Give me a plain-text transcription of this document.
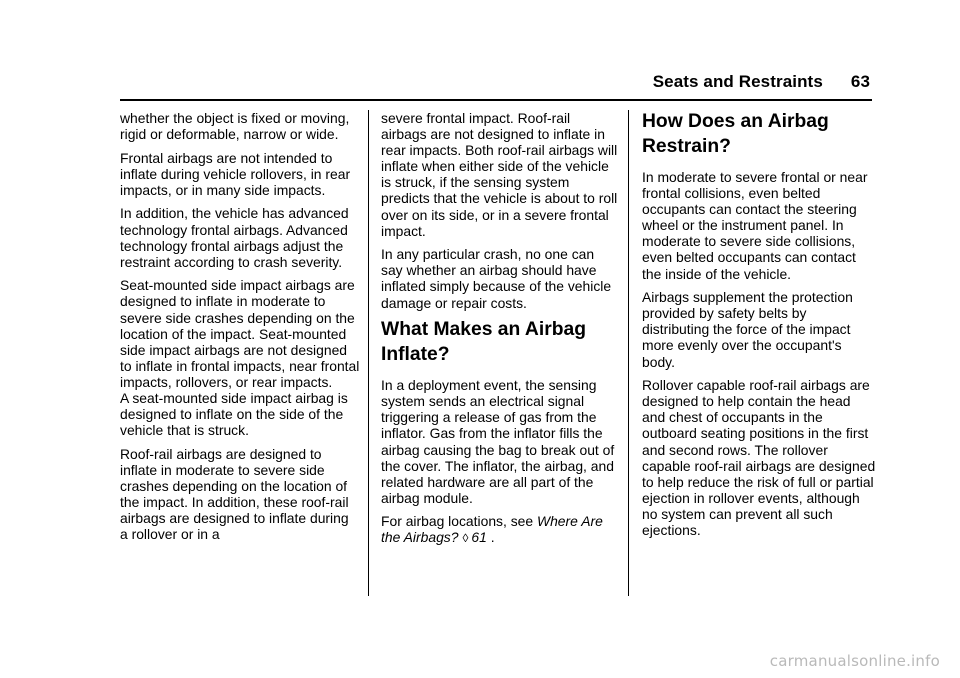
Seats and Restraints 63

whether the object is fixed or moving, rigid or deformable, narrow or wide.

Frontal airbags are not intended to inflate during vehicle rollovers, in rear impacts, or in many side impacts.

In addition, the vehicle has advanced technology frontal airbags. Advanced technology frontal airbags adjust the restraint according to crash severity.

Seat-mounted side impact airbags are designed to inflate in moderate to severe side crashes depending on the location of the impact. Seat-mounted side impact airbags are not designed to inflate in frontal impacts, near frontal impacts, rollovers, or rear impacts.

A seat-mounted side impact airbag is designed to inflate on the side of the vehicle that is struck.

Roof-rail airbags are designed to inflate in moderate to severe side crashes depending on the location of the impact. In addition, these roof-rail airbags are designed to inflate during a rollover or in a

severe frontal impact. Roof-rail airbags are not designed to inflate in rear impacts. Both roof-rail airbags will inflate when either side of the vehicle is struck, if the sensing system predicts that the vehicle is about to roll over on its side, or in a severe frontal impact.

In any particular crash, no one can say whether an airbag should have inflated simply because of the vehicle damage or repair costs.

What Makes an Airbag Inflate?

In a deployment event, the sensing system sends an electrical signal triggering a release of gas from the inflator. Gas from the inflator fills the airbag causing the bag to break out of the cover. The inflator, the airbag, and related hardware are all part of the airbag module.

For airbag locations, see Where Are the Airbags? ◊ 61 .

How Does an Airbag Restrain?

In moderate to severe frontal or near frontal collisions, even belted occupants can contact the steering wheel or the instrument panel. In moderate to severe side collisions, even belted occupants can contact the inside of the vehicle.

Airbags supplement the protection provided by safety belts by distributing the force of the impact more evenly over the occupant's body.

Rollover capable roof-rail airbags are designed to help contain the head and chest of occupants in the outboard seating positions in the first and second rows. The rollover capable roof-rail airbags are designed to help reduce the risk of full or partial ejection in rollover events, although no system can prevent all such ejections.

carmanualsonline.info
